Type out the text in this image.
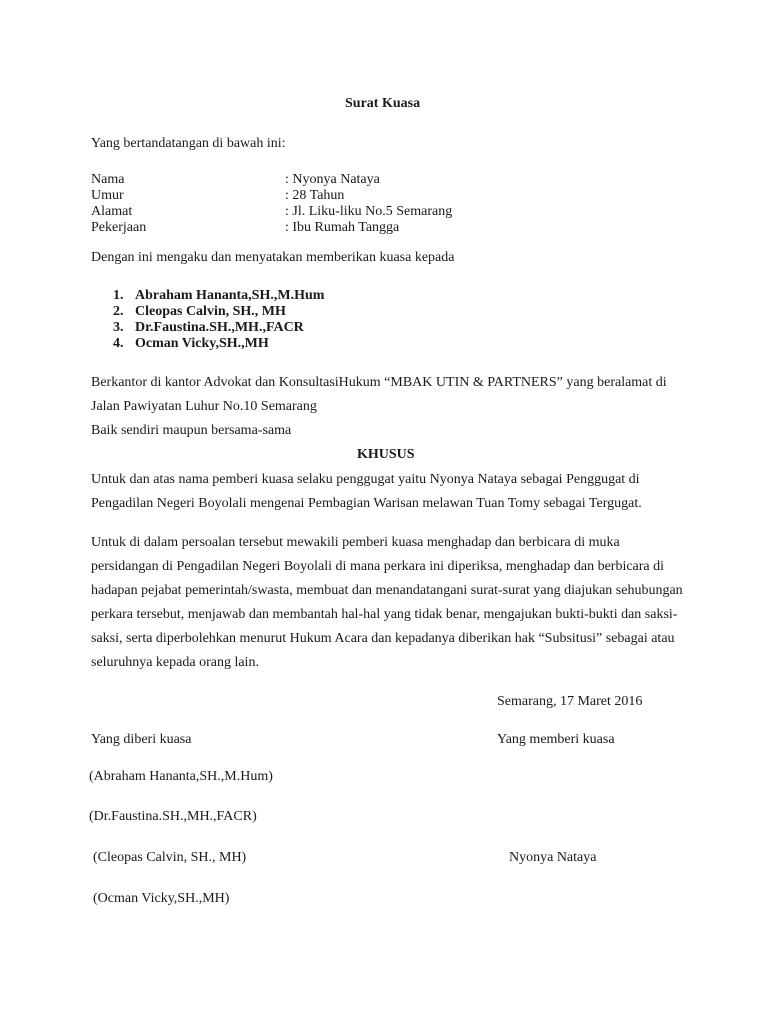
Surat Kuasa
Yang bertandatangan di bawah ini:
Nama	: Nyonya Nataya
Umur	: 28 Tahun
Alamat	: Jl. Liku-liku No.5 Semarang
Pekerjaan	: Ibu Rumah Tangga
Dengan ini mengaku dan menyatakan memberikan kuasa kepada
1. Abraham Hananta,SH.,M.Hum
2. Cleopas Calvin, SH., MH
3. Dr.Faustina.SH.,MH.,FACR
4. Ocman Vicky,SH.,MH
Berkantor di kantor Advokat dan KonsultasiHukum “MBAK UTIN & PARTNERS” yang beralamat di
Jalan Pawiyatan Luhur No.10 Semarang
Baik sendiri maupun bersama-sama
KHUSUS
Untuk dan atas nama pemberi kuasa selaku penggugat yaitu Nyonya Nataya sebagai Penggugat di
Pengadilan Negeri Boyolali mengenai Pembagian Warisan melawan Tuan Tomy sebagai Tergugat.
Untuk di dalam persoalan tersebut mewakili pemberi kuasa menghadap dan berbicara di muka
persidangan di Pengadilan Negeri Boyolali di mana perkara ini diperiksa, menghadap dan berbicara di
hadapan pejabat pemerintah/swasta, membuat dan menandatangani surat-surat yang diajukan sehubungan
perkara tersebut, menjawab dan membantah hal-hal yang tidak benar, mengajukan bukti-bukti dan saksi-
saksi, serta diperbolehkan menurut Hukum Acara dan kepadanya diberikan hak “Subsitusi” sebagai atau
seluruhnya kepada orang lain.
Semarang, 17 Maret 2016
Yang diberi kuasa	Yang memberi kuasa
(Abraham Hananta,SH.,M.Hum)
(Dr.Faustina.SH.,MH.,FACR)
(Cleopas Calvin, SH., MH)	Nyonya Nataya
(Ocman Vicky,SH.,MH)
